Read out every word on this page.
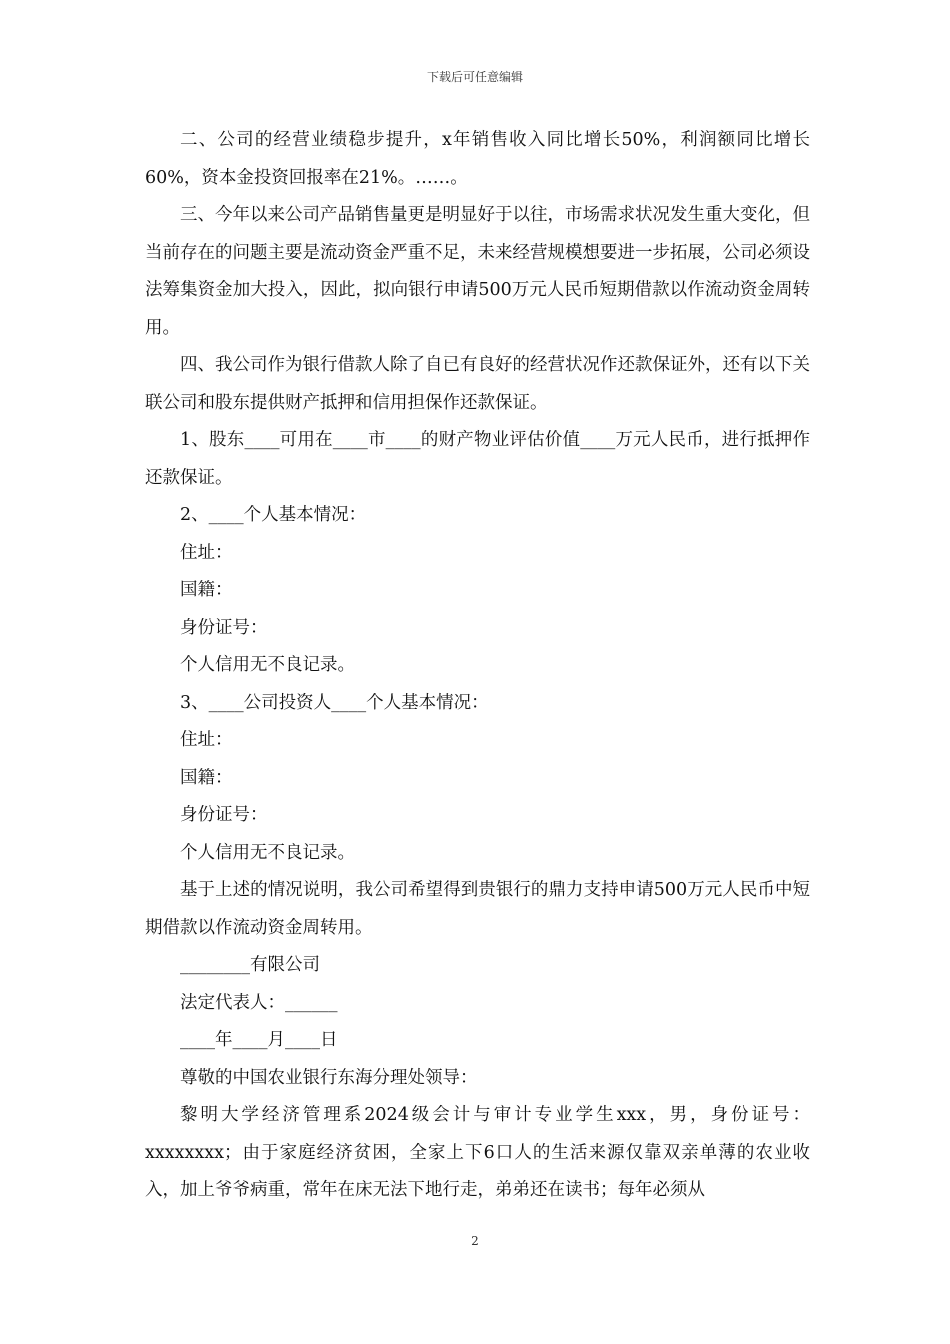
下载后可任意编辑

二、公司的经营业绩稳步提升，x年销售收入同比增长50%，利润额同比增长60%，资本金投资回报率在21%。……。

三、今年以来公司产品销售量更是明显好于以往，市场需求状况发生重大变化，但当前存在的问题主要是流动资金严重不足，未来经营规模想要进一步拓展，公司必须设法筹集资金加大投入，因此，拟向银行申请500万元人民币短期借款以作流动资金周转用。

四、我公司作为银行借款人除了自已有良好的经营状况作还款保证外，还有以下关联公司和股东提供财产抵押和信用担保作还款保证。

1、股东____可用在____市____的财产物业评估价值____万元人民币，进行抵押作还款保证。

2、____个人基本情况：

住址：

国籍：

身份证号：

个人信用无不良记录。

3、____公司投资人____个人基本情况：

住址：

国籍：

身份证号：

个人信用无不良记录。

基于上述的情况说明，我公司希望得到贵银行的鼎力支持申请500万元人民币中短期借款以作流动资金周转用。

________有限公司

法定代表人：______

____年____月____日

尊敬的中国农业银行东海分理处领导：

黎明大学经济管理系2024级会计与审计专业学生xxx，男，身份证号：xxxxxxxx；由于家庭经济贫困，全家上下6口人的生活来源仅靠双亲单薄的农业收入，加上爷爷病重，常年在床无法下地行走，弟弟还在读书；每年必须从

2
